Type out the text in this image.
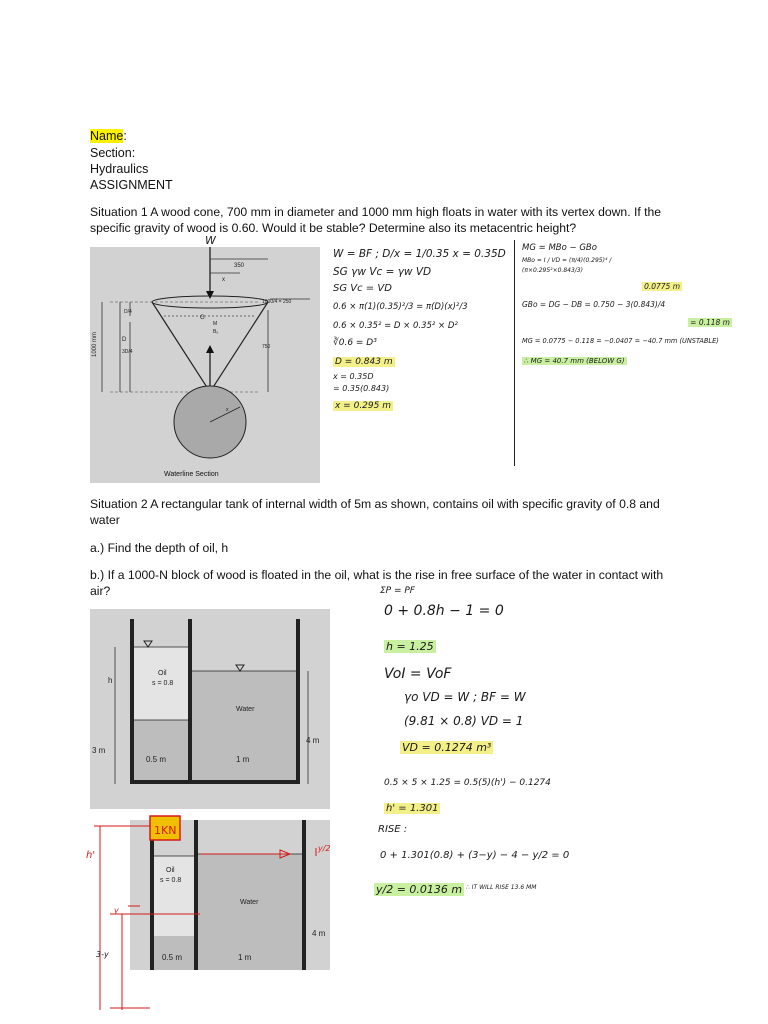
Name:
Section:
Hydraulics
ASSIGNMENT
Situation 1 A wood cone, 700 mm in diameter and 1000 mm high floats in water with its vertex down. If the specific gravity of wood is 0.60. Would it be stable? Determine also its metacentric height?
350
x
G
M
Bₒ
1000 mm	D
D/4
3D/4
1000/4 = 250
750
x
Waterline Section
W
W = BF ; D/x = 1/0.35 x = 0.35D
SG γw Vc = γw VD
SG Vc = VD
0.6 × π(1)(0.35)²/3 = π(D)(x)²/3
0.6 × 0.35² = D × 0.35² × D²
∛0.6 = D³
D = 0.843 m
x = 0.35D
= 0.35(0.843)
x = 0.295 m
MG = MBo − GBo
MBo = I / VD = (π/4)(0.295)⁴ / (π×0.295²×0.843/3)
0.0775 m
GBo = DG − DB = 0.750 − 3(0.843)/4
= 0.118 m
MG = 0.0775 − 0.118 = −0.0407 = −40.7 mm (UNSTABLE)
∴ MG = 40.7 mm (BELOW G)
Situation 2 A rectangular tank of internal width of 5m as shown, contains oil with specific gravity of 0.8 and water
a.) Find the depth of oil, h
b.) If a 1000-N block of wood is floated in the oil, what is the rise in free surface of the water in contact with air?
Oil
s = 0.8
Water
h
3 m
4 m
0.5 m	1 m
Oil
s = 0.8
Water
4 m
0.5 m	1 m
1KN
h'
y/2
y
3-y
ΣP = PF
0 + 0.8h − 1 = 0
h = 1.25
VoI = VoF
γo VD = W ; BF = W
(9.81 × 0.8) VD = 1
VD = 0.1274 m³
0.5 × 5 × 1.25 = 0.5(5)(h') − 0.1274
h' = 1.301
RISE :
0 + 1.301(0.8) + (3−y) − 4 − y/2 = 0
y/2 = 0.0136 m ∴ IT WILL RISE 13.6 MM
